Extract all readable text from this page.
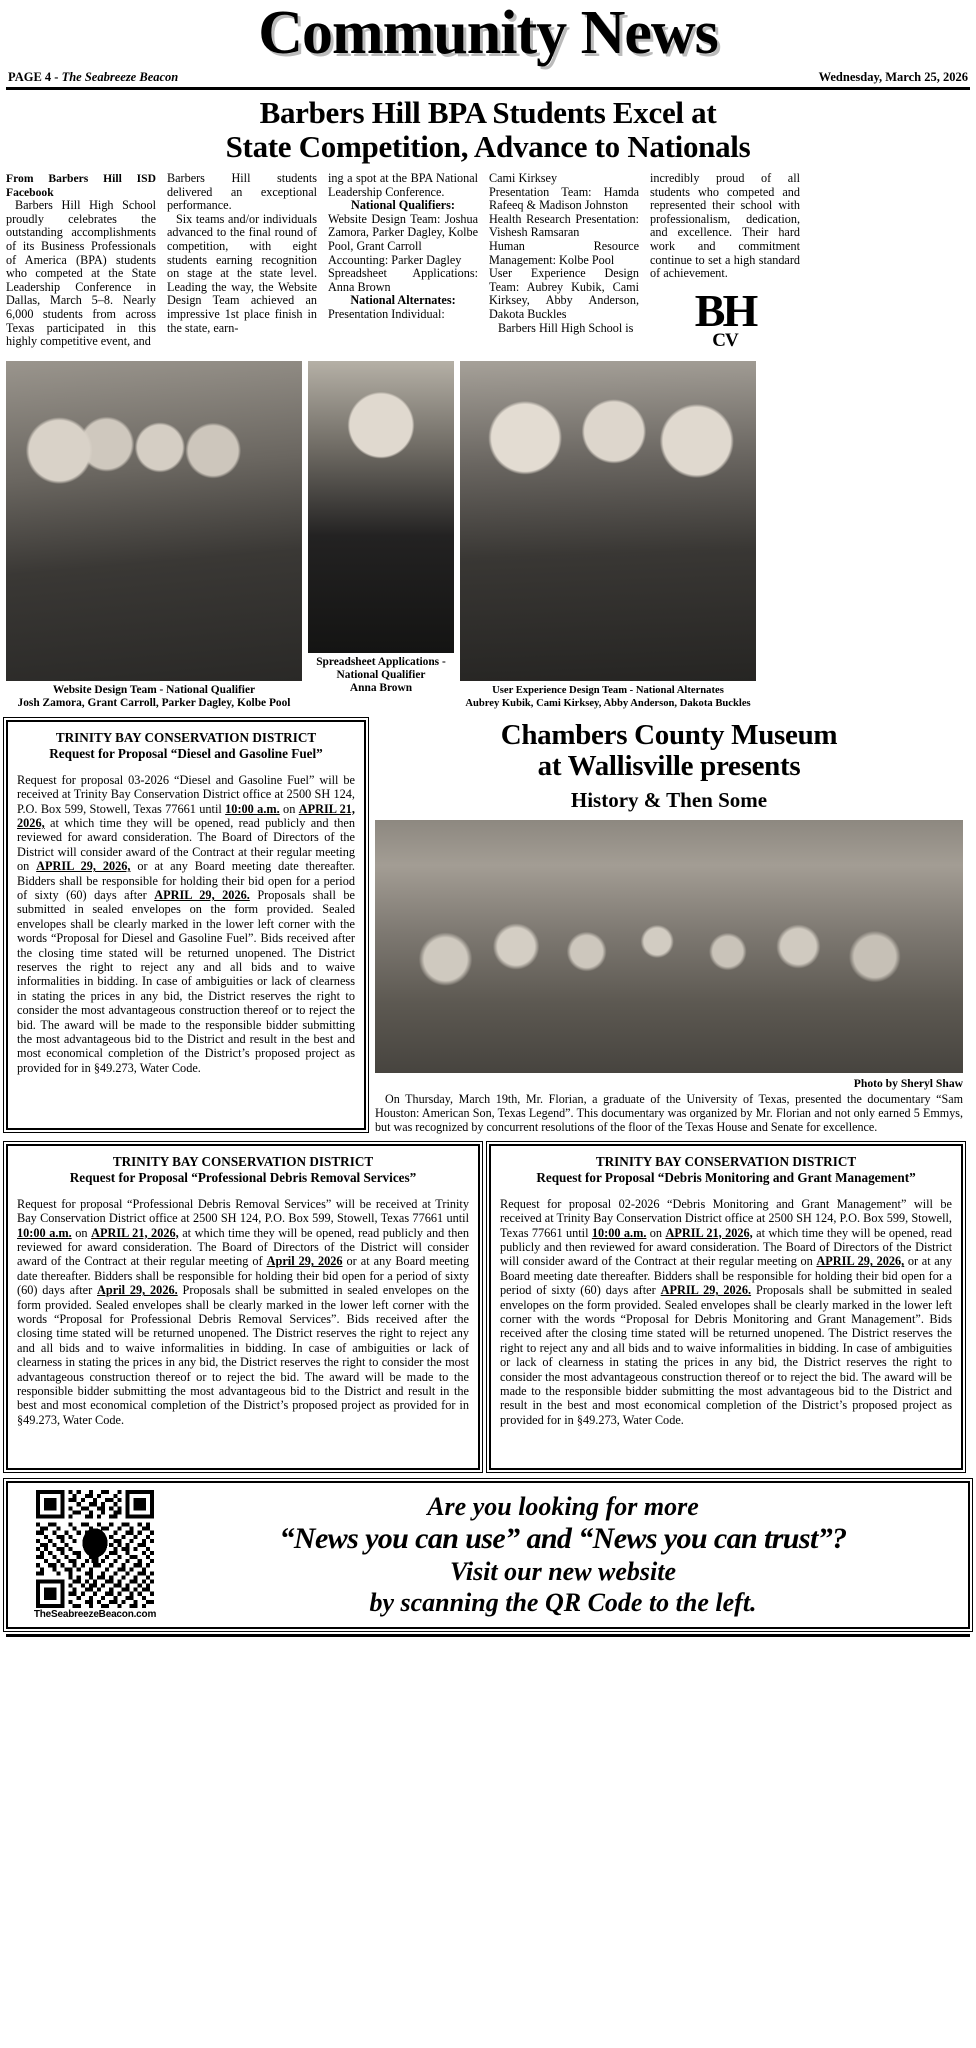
Community News
PAGE 4 - The Seabreeze Beacon	Wednesday, March 25, 2026
Barbers Hill BPA Students Excel at
State Competition, Advance to Nationals

From Barbers Hill ISD Facebook

Barbers Hill High School proudly celebrates the outstanding accomplishments of its Business Professionals of America (BPA) students who competed at the State Leadership Conference in Dallas, March 5–8. Nearly 6,000 students from across Texas participated in this highly competitive event, and

Barbers Hill students delivered an exceptional performance.

Six teams and/or individuals advanced to the final round of competition, with eight students earning recognition on stage at the state level. Leading the way, the Website Design Team achieved an impressive 1st place finish in the state, earn-

ing a spot at the BPA National Leadership Conference.

National Qualifiers:

Website Design Team: Joshua Zamora, Parker Dagley, Kolbe Pool, Grant Carroll

Accounting: Parker Dagley

Spreadsheet Applications: Anna Brown

National Alternates:

Presentation Individual:

Cami Kirksey

Presentation Team: Hamda Rafeeq & Madison Johnston

Health Research Presentation: Vishesh Ramsaran

Human Resource Management: Kolbe Pool

User Experience Design Team: Aubrey Kubik, Cami Kirksey, Abby Anderson, Dakota Buckles

Barbers Hill High School is

incredibly proud of all students who competed and represented their school with professionalism, dedication, and excellence. Their hard work and commitment continue to set a high standard of achievement.

BH
CV
Website Design Team - National Qualifier
Josh Zamora, Grant Carroll, Parker Dagley, Kolbe Pool
Spreadsheet Applications -
National Qualifier
Anna Brown	User Experience Design Team - National Alternates
Aubrey Kubik, Cami Kirksey, Abby Anderson, Dakota Buckles
TRINITY BAY CONSERVATION DISTRICT
Request for Proposal “Diesel and Gasoline Fuel”
Request for proposal 03-2026 “Diesel and Gasoline Fuel” will be received at Trinity Bay Conservation District office at 2500 SH 124, P.O. Box 599, Stowell, Texas 77661 until 10:00 a.m. on APRIL 21, 2026, at which time they will be opened, read publicly and then reviewed for award consideration. The Board of Directors of the District will consider award of the Contract at their regular meeting on APRIL 29, 2026, or at any Board meeting date thereafter. Bidders shall be responsible for holding their bid open for a period of sixty (60) days after APRIL 29, 2026. Proposals shall be submitted in sealed envelopes on the form provided. Sealed envelopes shall be clearly marked in the lower left corner with the words “Proposal for Diesel and Gasoline Fuel”. Bids received after the closing time stated will be returned unopened. The District reserves the right to reject any and all bids and to waive informalities in bidding. In case of ambiguities or lack of clearness in stating the prices in any bid, the District reserves the right to consider the most advantageous construction thereof or to reject the bid. The award will be made to the responsible bidder submitting the most advantageous bid to the District and result in the best and most economical completion of the District’s proposed project as provided for in §49.273, Water Code.
Chambers County Museum
at Wallisville presents
History & Then Some
Photo by Sheryl Shaw

On Thursday, March 19th, Mr. Florian, a graduate of the University of Texas, presented the documentary “Sam Houston: American Son, Texas Legend”. This documentary was organized by Mr. Florian and not only earned 5 Emmys, but was recognized by concurrent resolutions of the floor of the Texas House and Senate for excellence.

TRINITY BAY CONSERVATION DISTRICT
Request for Proposal “Professional Debris Removal Services”
Request for proposal “Professional Debris Removal Services” will be received at Trinity Bay Conservation District office at 2500 SH 124, P.O. Box 599, Stowell, Texas 77661 until 10:00 a.m. on APRIL 21, 2026, at which time they will be opened, read publicly and then reviewed for award consideration. The Board of Directors of the District will consider award of the Contract at their regular meeting of April 29, 2026 or at any Board meeting date thereafter. Bidders shall be responsible for holding their bid open for a period of sixty (60) days after April 29, 2026. Proposals shall be submitted in sealed envelopes on the form provided. Sealed envelopes shall be clearly marked in the lower left corner with the words “Proposal for Professional Debris Removal Services”. Bids received after the closing time stated will be returned unopened. The District reserves the right to reject any and all bids and to waive informalities in bidding. In case of ambiguities or lack of clearness in stating the prices in any bid, the District reserves the right to consider the most advantageous construction thereof or to reject the bid. The award will be made to the responsible bidder submitting the most advantageous bid to the District and result in the best and most economical completion of the District’s proposed project as provided for in §49.273, Water Code.
TRINITY BAY CONSERVATION DISTRICT
Request for Proposal “Debris Monitoring and Grant Management”
Request for proposal 02-2026 “Debris Monitoring and Grant Management” will be received at Trinity Bay Conservation District office at 2500 SH 124, P.O. Box 599, Stowell, Texas 77661 until 10:00 a.m. on APRIL 21, 2026, at which time they will be opened, read publicly and then reviewed for award consideration. The Board of Directors of the District will consider award of the Contract at their regular meeting on APRIL 29, 2026, or at any Board meeting date thereafter. Bidders shall be responsible for holding their bid open for a period of sixty (60) days after APRIL 29, 2026. Proposals shall be submitted in sealed envelopes on the form provided. Sealed envelopes shall be clearly marked in the lower left corner with the words “Proposal for Debris Monitoring and Grant Management”. Bids received after the closing time stated will be returned unopened. The District reserves the right to reject any and all bids and to waive informalities in bidding. In case of ambiguities or lack of clearness in stating the prices in any bid, the District reserves the right to consider the most advantageous construction thereof or to reject the bid. The award will be made to the responsible bidder submitting the most advantageous bid to the District and result in the best and most economical completion of the District’s proposed project as provided for in §49.273, Water Code.
TheSeabreezeBeacon.com
Are you looking for more
“News you can use” and “News you can trust”?
Visit our new website
by scanning the QR Code to the left.
